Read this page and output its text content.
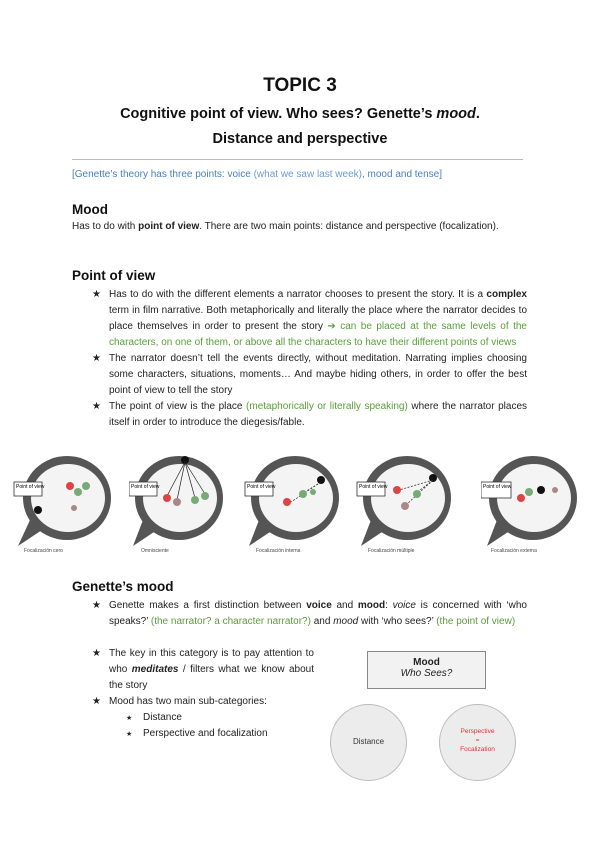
TOPIC 3
Cognitive point of view. Who sees? Genette’s mood.
Distance and perspective
[Genette’s theory has three points: voice (what we saw last week), mood and tense]
Mood
Has to do with point of view. There are two main points: distance and perspective (focalization).
Point of view
★ Has to do with the different elements a narrator chooses to present the story. It is a complex term in film narrative. Both metaphorically and literally the place where the narrator decides to place themselves in order to present the story ➔ can be placed at the same levels of the characters, on one of them, or above all the characters to have their different points of views
★ The narrator doesn’t tell the events directly, without meditation. Narrating implies choosing some characters, situations, moments… And maybe hiding others, in order to offer the best point of view to tell the story
★ The point of view is the place (metaphorically or literally speaking) where the narrator places itself in order to introduce the diegesis/fable.
Point of view	Point of view	Point of view	Point of view	Point of view
Focalización cero	Omnisciente	Focalización interna	Focalización múltiple	Focalización externa
Genette’s mood
★ Genette makes a first distinction between voice and mood: voice is concerned with ‘who speaks?’ (the narrator? a character narrator?) and mood with ‘who sees?’ (the point of view)
★ The key in this category is to pay attention to who meditates / filters what we know about the story
★ Mood has two main sub-categories:
★ Distance
★ Perspective and focalization
Mood
Who Sees?
Distance
Perspective
=
Focalization
